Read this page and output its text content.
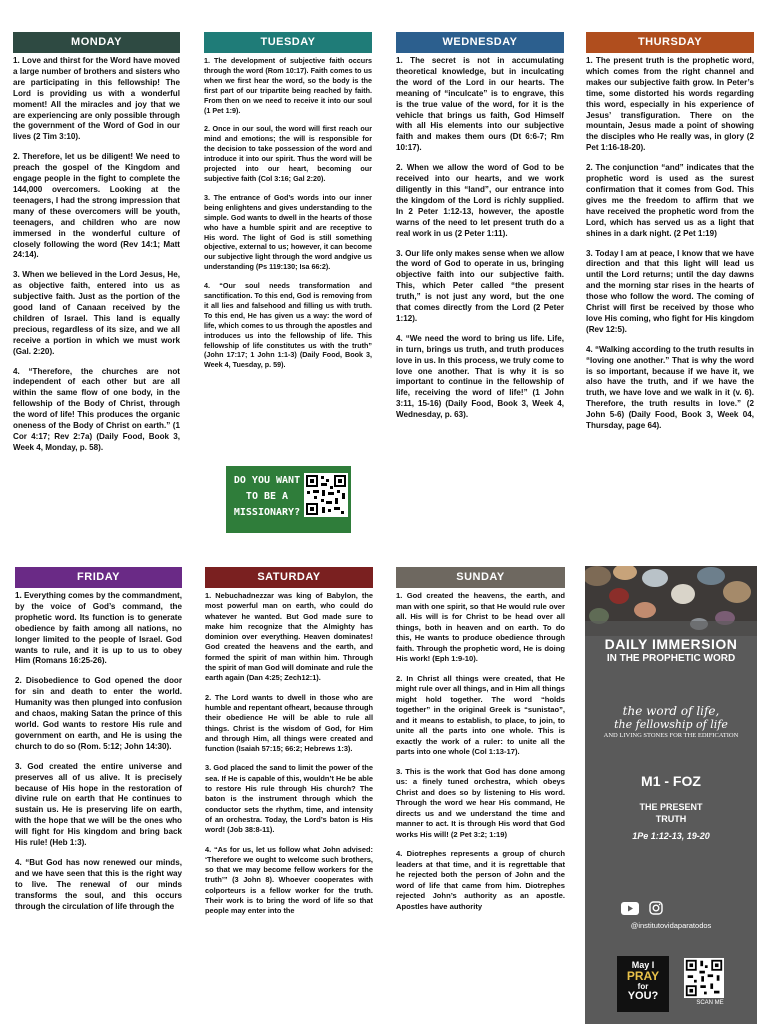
MONDAY

1. Love and thirst for the Word have moved a large number of brothers and sisters who are participating in this fellowship! The Lord is providing us with a wonderful moment! All the miracles and joy that we are experiencing are only possible through the government of the Word of God in our lives (2 Tim 3:10).

2. Therefore, let us be diligent! We need to preach the gospel of the Kingdom and engage people in the fight to complete the 144,000 overcomers. Looking at the teenagers, I had the strong impression that many of these overcomers will be youth, teenagers, and children who are now immersed in the wonderful culture of closely following the word (Rev 14:1; Matt 24:14).

3. When we believed in the Lord Jesus, He, as objective faith, entered into us as subjective faith. Just as the portion of the good land of Canaan received by the children of Israel. This land is equally precious, regardless of its size, and we all receive a portion in which we must work (Gal. 2:20).

4. “Therefore, the churches are not independent of each other but are all within the same flow of one body, in the fellowship of the Body of Christ, through the word of life! This produces the organic oneness of the Body of Christ on earth.” (1 Cor 4:17; Rev 2:7a) (Daily Food, Book 3, Week 4, Monday, p. 58).

TUESDAY

1. The development of subjective faith occurs through the word (Rom 10:17). Faith comes to us when we first hear the word, so the body is the first part of our tripartite being reached by faith. From then on we need to receive it into our soul (1 Pet 1:9).

2. Once in our soul, the word will first reach our mind and emotions; the will is responsible for the decision to take possession of the word and introduce it into our spirit. Thus the word will be projected into our heart, becoming our subjective faith (Col 3:16; Gal 2:20).

3. The entrance of God’s words into our inner being enlightens and gives understanding to the simple. God wants to dwell in the hearts of those who have a humble spirit and are receptive to His word. The light of God is still something objective, external to us; however, it can become our subjective light through the word andgive us understanding (Ps 119:130; Isa 66:2).

4. “Our soul needs transformation and sanctification. To this end, God is removing from it all lies and falsehood and filling us with truth. To this end, He has given us a way: the word of life, which comes to us through the apostles and introduces us into the fellowship of life. This fellowship of life constitutes us with the truth” (John 17:17; 1 John 1:1-3) (Daily Food, Book 3, Week 4, Tuesday, p. 59).

DO YOU WANT TO BE A MISSIONARY?
WEDNESDAY

1. The secret is not in accumulating theoretical knowledge, but in inculcating the word of the Lord in our hearts. The meaning of “inculcate” is to engrave, this is the true value of the word, for it is the vehicle that brings us faith, God Himself with all His elements into our subjective faith and makes them ours (Dt 6:6-7; Rm 10:17).

2. When we allow the word of God to be received into our hearts, and we work diligently in this “land”, our entrance into the kingdom of the Lord is richly supplied. In 2 Peter 1:12-13, however, the apostle warns of the need to let present truth do a real work in us (2 Peter 1:11).

3. Our life only makes sense when we allow the word of God to operate in us, bringing objective faith into our subjective faith. This, which Peter called “the present truth,” is not just any word, but the one that comes directly from the Lord (2 Peter 1:12).

4. “We need the word to bring us life. Life, in turn, brings us truth, and truth produces love in us. In this process, we truly come to love one another. That is why it is so important to continue in the fellowship of life, receiving the word of life!” (1 John 3:11, 15-16) (Daily Food, Book 3, Week 4, Wednesday, p. 63).

THURSDAY

1. The present truth is the prophetic word, which comes from the right channel and makes our subjective faith grow. In Peter’s time, some distorted his words regarding this word, especially in his experience of Jesus’ transfiguration. There on the mountain, Jesus made a point of showing the disciples who He really was, in glory (2 Pet 1:16-18-20).

2. The conjunction “and” indicates that the prophetic word is used as the surest confirmation that it comes from God. This gives me the freedom to affirm that we have received the prophetic word from the Lord, which has served us as a light that shines in a dark night. (2 Pet 1:19)

3. Today I am at peace, I know that we have direction and that this light will lead us until the Lord returns; until the day dawns and the morning star rises in the hearts of those who follow the word. The coming of Christ will first be received by those who love His coming, who fight for His kingdom (Rev 12:5).

4. “Walking according to the truth results in “loving one another.” That is why the word is so important, because if we have it, we also have the truth, and if we have the truth, we have love and we walk in it (v. 6). Therefore, the truth results in love.” (2 John 5-6) (Daily Food, Book 3, Week 04, Thursday, page 64).

FRIDAY

1. Everything comes by the commandment, by the voice of God’s command, the prophetic word. Its function is to generate obedience by faith among all nations, no longer limited to the people of Israel. God wants to rule, and it is up to us to obey Him (Romans 16:25-26).

2. Disobedience to God opened the door for sin and death to enter the world. Humanity was then plunged into confusion and chaos, making Satan the prince of this world. God wants to restore His rule and government on earth, and He is using the church to do so (Rom. 5:12; John 14:30).

3. God created the entire universe and preserves all of us alive. It is precisely because of His hope in the restoration of divine rule on earth that He continues to sustain us. He is preserving life on earth, with the hope that we will be the ones who will fight for His kingdom and bring back His rule! (Heb 1:3).

4. “But God has now renewed our minds, and we have seen that this is the right way to live. The renewal of our minds transforms the soul, and this occurs through the circulation of life through the

SATURDAY

1. Nebuchadnezzar was king of Babylon, the most powerful man on earth, who could do whatever he wanted. But God made sure to make him recognize that the Almighty has dominion over everything. Heaven dominates! God created the heavens and the earth, and formed the spirit of man within him. Through the spirit of man God will dominate and rule the earth again (Dan 4:25; Zech12:1).

2. The Lord wants to dwell in those who are humble and repentant ofheart, because through their obedience He will be able to rule all things. Christ is the wisdom of God, for Him and through Him, all things were created and function (Isaiah 57:15; 66:2; Hebrews 1:3).

3. God placed the sand to limit the power of the sea. If He is capable of this, wouldn’t He be able to restore His rule through His church? The baton is the instrument through which the conductor sets the rhythm, time, and intensity of an orchestra. Today, the Lord’s baton is His word! (Job 38:8-11).

4. “As for us, let us follow what John advised: ‘Therefore we ought to welcome such brothers, so that we may become fellow workers for the truth’” (3 John 8). Whoever cooperates with colporteurs is a fellow worker for the truth. Their work is to bring the word of life so that people may enter into the

SUNDAY

1. God created the heavens, the earth, and man with one spirit, so that He would rule over all. His will is for Christ to be head over all things, both in heaven and on earth. To do this, He wants to produce obedience through faith. Through the prophetic word, He is doing His work! (Eph 1:9-10).

2. In Christ all things were created, that He might rule over all things, and in Him all things might hold together. The word “holds together” in the original Greek is “sunistao”, and it means to establish, to place, to join, to unite all the parts into one whole. This is exactly the work of a ruler: to unite all the parts into one whole (Col 1:13-17).

3. This is the work that God has done among us: a finely tuned orchestra, which obeys Christ and does so by listening to His word. Through the word we hear His command, He directs us and we understand the time and manner to act. It is through His word that God works His will! (2 Pet 3:2; 1:19)

4. Diotrephes represents a group of church leaders at that time, and it is regrettable that he rejected both the person of John and the word of life that came from him. Diotrephes rejected John’s authority as an apostle. Apostles have authority

DAILY IMMERSION
IN THE PROPHETIC WORD
the word of life,
the fellowship of life
AND LIVING STONES FOR THE EDIFICATION
M1 - FOZ
THE PRESENT
TRUTH
1Pe 1:12-13, 19-20
@institutovidaparatodos
May I
PRAY
for
YOU?
SCAN ME
